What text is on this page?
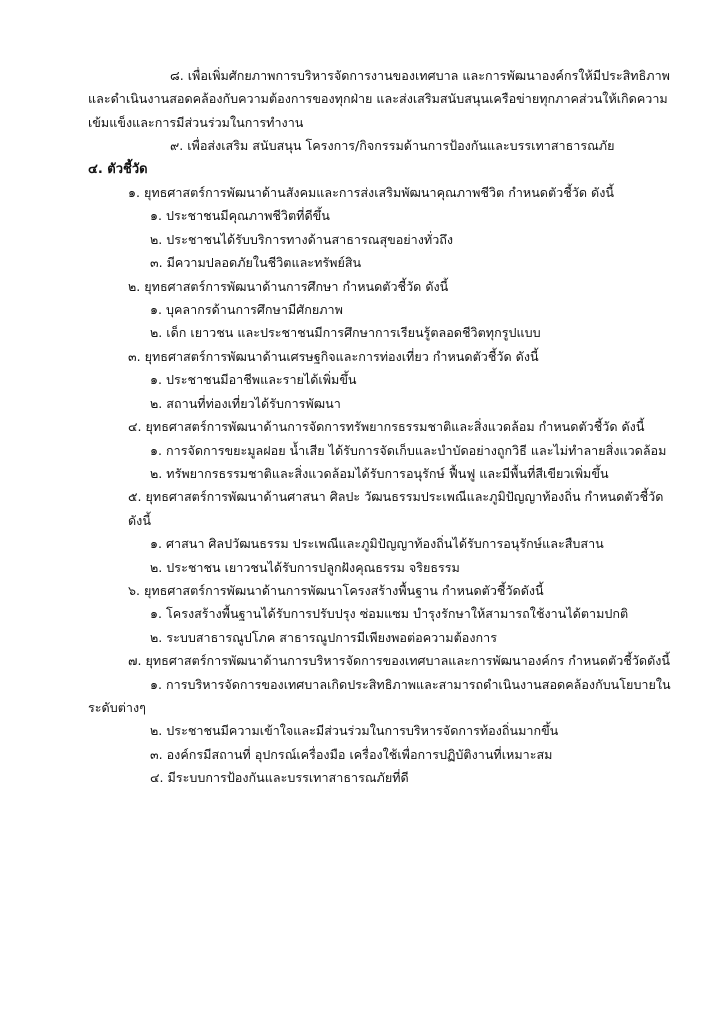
๘. เพื่อเพิ่มศักยภาพการบริหารจัดการงานของเทศบาล และการพัฒนาองค์กรให้มีประสิทธิภาพ และดำเนินงานสอดคล้องกับความต้องการของทุกฝ่าย และส่งเสริมสนับสนุนเครือข่ายทุกภาคส่วนให้เกิดความเข้มแข็งและการมีส่วนร่วมในการทำงาน

๙. เพื่อส่งเสริม สนับสนุน โครงการ/กิจกรรมด้านการป้องกันและบรรเทาสาธารณภัย

๔. ตัวชี้วัด

๑. ยุทธศาสตร์การพัฒนาด้านสังคมและการส่งเสริมพัฒนาคุณภาพชีวิต กำหนดตัวชี้วัด ดังนี้

๑. ประชาชนมีคุณภาพชีวิตที่ดีขึ้น

๒. ประชาชนได้รับบริการทางด้านสาธารณสุขอย่างทั่วถึง

๓. มีความปลอดภัยในชีวิตและทรัพย์สิน

๒. ยุทธศาสตร์การพัฒนาด้านการศึกษา กำหนดตัวชี้วัด ดังนี้

๑. บุคลากรด้านการศึกษามีศักยภาพ

๒. เด็ก เยาวชน และประชาชนมีการศึกษาการเรียนรู้ตลอดชีวิตทุกรูปแบบ

๓. ยุทธศาสตร์การพัฒนาด้านเศรษฐกิจและการท่องเที่ยว กำหนดตัวชี้วัด ดังนี้

๑. ประชาชนมีอาชีพและรายได้เพิ่มขึ้น

๒. สถานที่ท่องเที่ยวได้รับการพัฒนา

๔. ยุทธศาสตร์การพัฒนาด้านการจัดการทรัพยากรธรรมชาติและสิ่งแวดล้อม กำหนดตัวชี้วัด ดังนี้

๑. การจัดการขยะมูลฝอย น้ำเสีย ได้รับการจัดเก็บและบำบัดอย่างถูกวิธี และไม่ทำลายสิ่งแวดล้อม

๒. ทรัพยากรธรรมชาติและสิ่งแวดล้อมได้รับการอนุรักษ์ ฟื้นฟู และมีพื้นที่สีเขียวเพิ่มขึ้น

๕. ยุทธศาสตร์การพัฒนาด้านศาสนา ศิลปะ วัฒนธรรมประเพณีและภูมิปัญญาท้องถิ่น กำหนดตัวชี้วัดดังนี้

๑. ศาสนา ศิลปวัฒนธรรม ประเพณีและภูมิปัญญาท้องถิ่นได้รับการอนุรักษ์และสืบสาน

๒. ประชาชน เยาวชนได้รับการปลูกฝังคุณธรรม จริยธรรม

๖. ยุทธศาสตร์การพัฒนาด้านการพัฒนาโครงสร้างพื้นฐาน กำหนดตัวชี้วัดดังนี้

๑. โครงสร้างพื้นฐานได้รับการปรับปรุง ซ่อมแซม บำรุงรักษาให้สามารถใช้งานได้ตามปกติ

๒. ระบบสาธารณูปโภค สาธารณูปการมีเพียงพอต่อความต้องการ

๗. ยุทธศาสตร์การพัฒนาด้านการบริหารจัดการของเทศบาลและการพัฒนาองค์กร กำหนดตัวชี้วัดดังนี้

๑. การบริหารจัดการของเทศบาลเกิดประสิทธิภาพและสามารถดำเนินงานสอดคล้องกับนโยบายในระดับต่างๆ

๒. ประชาชนมีความเข้าใจและมีส่วนร่วมในการบริหารจัดการท้องถิ่นมากขึ้น

๓. องค์กรมีสถานที่ อุปกรณ์เครื่องมือ เครื่องใช้เพื่อการปฏิบัติงานที่เหมาะสม

๔. มีระบบการป้องกันและบรรเทาสาธารณภัยที่ดี
